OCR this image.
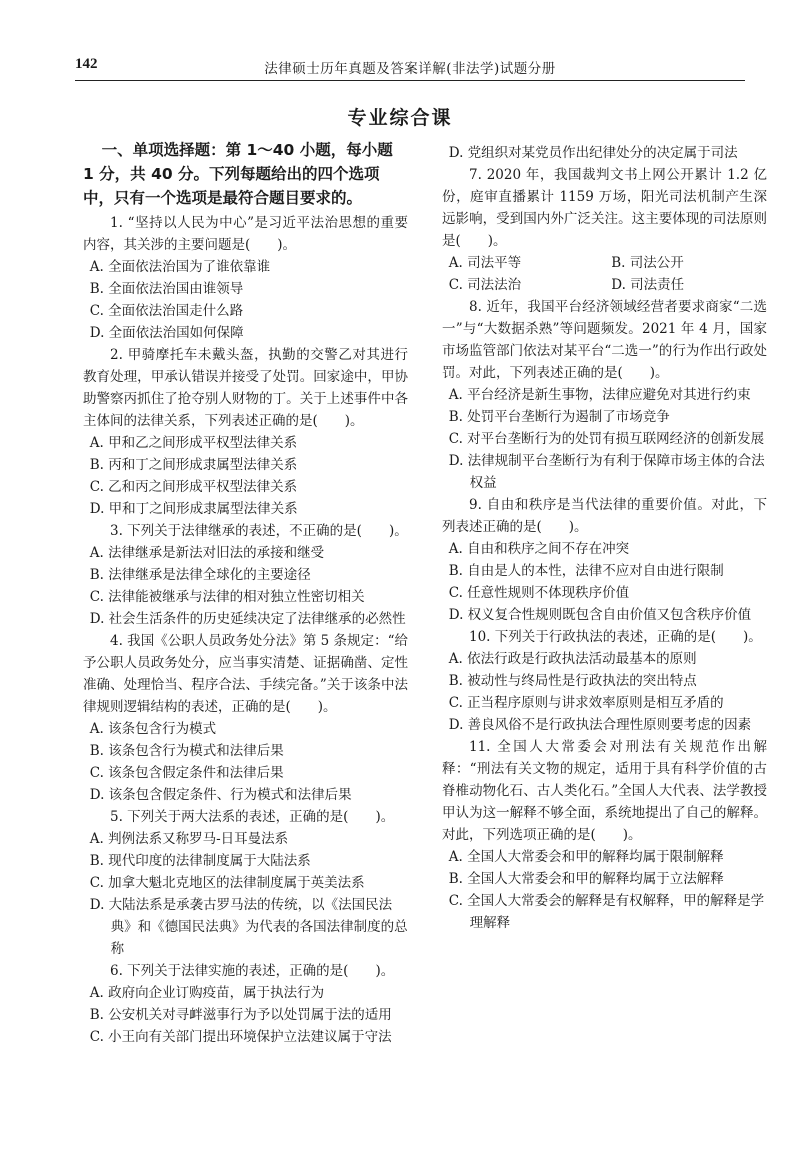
142	法律硕士历年真题及答案详解(非法学)试题分册
专业综合课

一、单项选择题：第 1～40 小题，每小题 1 分，共 40 分。下列每题给出的四个选项中，只有一个选项是最符合题目要求的。

1. “坚持以人民为中心”是习近平法治思想的重要内容，其关涉的主要问题是(　　)。

A. 全面依法治国为了谁依靠谁

B. 全面依法治国由谁领导

C. 全面依法治国走什么路

D. 全面依法治国如何保障

2. 甲骑摩托车未戴头盔，执勤的交警乙对其进行教育处理，甲承认错误并接受了处罚。回家途中，甲协助警察丙抓住了抢夺别人财物的丁。关于上述事件中各主体间的法律关系，下列表述正确的是(　　)。

A. 甲和乙之间形成平权型法律关系

B. 丙和丁之间形成隶属型法律关系

C. 乙和丙之间形成平权型法律关系

D. 甲和丁之间形成隶属型法律关系

3. 下列关于法律继承的表述，不正确的是(　　)。

A. 法律继承是新法对旧法的承接和继受

B. 法律继承是法律全球化的主要途径

C. 法律能被继承与法律的相对独立性密切相关

D. 社会生活条件的历史延续决定了法律继承的必然性

4. 我国《公职人员政务处分法》第 5 条规定：“给予公职人员政务处分，应当事实清楚、证据确凿、定性准确、处理恰当、程序合法、手续完备。”关于该条中法律规则逻辑结构的表述，正确的是(　　)。

A. 该条包含行为模式

B. 该条包含行为模式和法律后果

C. 该条包含假定条件和法律后果

D. 该条包含假定条件、行为模式和法律后果

5. 下列关于两大法系的表述，正确的是(　　)。

A. 判例法系又称罗马-日耳曼法系

B. 现代印度的法律制度属于大陆法系

C. 加拿大魁北克地区的法律制度属于英美法系

D. 大陆法系是承袭古罗马法的传统，以《法国民法典》和《德国民法典》为代表的各国法律制度的总称

6. 下列关于法律实施的表述，正确的是(　　)。

A. 政府向企业订购疫苗，属于执法行为

B. 公安机关对寻衅滋事行为予以处罚属于法的适用

C. 小王向有关部门提出环境保护立法建议属于守法

D. 党组织对某党员作出纪律处分的决定属于司法

7. 2020 年，我国裁判文书上网公开累计 1.2 亿份，庭审直播累计 1159 万场，阳光司法机制产生深远影响，受到国内外广泛关注。这主要体现的司法原则是(　　)。

A. 司法平等	B. 司法公开

C. 司法法治	D. 司法责任

8. 近年，我国平台经济领域经营者要求商家“二选一”与“大数据杀熟”等问题频发。2021 年 4 月，国家市场监管部门依法对某平台“二选一”的行为作出行政处罚。对此，下列表述正确的是(　　)。

A. 平台经济是新生事物，法律应避免对其进行约束

B. 处罚平台垄断行为遏制了市场竞争

C. 对平台垄断行为的处罚有损互联网经济的创新发展

D. 法律规制平台垄断行为有利于保障市场主体的合法权益

9. 自由和秩序是当代法律的重要价值。对此，下列表述正确的是(　　)。

A. 自由和秩序之间不存在冲突

B. 自由是人的本性，法律不应对自由进行限制

C. 任意性规则不体现秩序价值

D. 权义复合性规则既包含自由价值又包含秩序价值

10. 下列关于行政执法的表述，正确的是(　　)。

A. 依法行政是行政执法活动最基本的原则

B. 被动性与终局性是行政执法的突出特点

C. 正当程序原则与讲求效率原则是相互矛盾的

D. 善良风俗不是行政执法合理性原则要考虑的因素

11. 全国人大常委会对刑法有关规范作出解释：“刑法有关文物的规定，适用于具有科学价值的古脊椎动物化石、古人类化石。”全国人大代表、法学教授甲认为这一解释不够全面，系统地提出了自己的解释。对此，下列选项正确的是(　　)。

A. 全国人大常委会和甲的解释均属于限制解释

B. 全国人大常委会和甲的解释均属于立法解释

C. 全国人大常委会的解释是有权解释，甲的解释是学理解释
